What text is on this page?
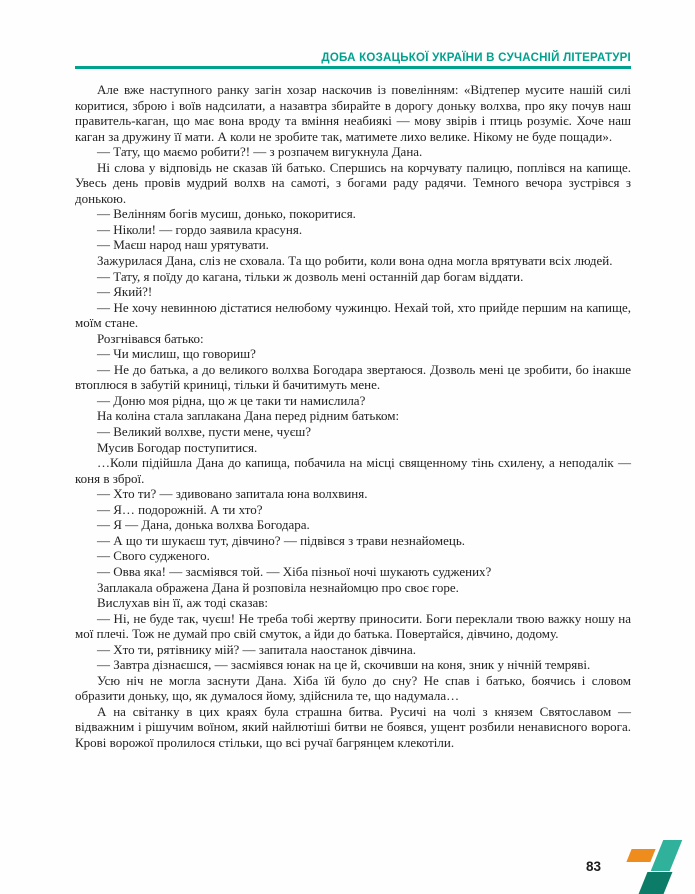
ДОБА КОЗАЦЬКОЇ УКРАЇНИ В СУЧАСНІЙ ЛІТЕРАТУРІ

Але вже наступного ранку загін хозар наскочив із повелінням: «Відтепер мусите нашій силі коритися, зброю і воїв надсилати, а назавтра збирайте в дорогу доньку волхва, про яку почув наш правитель-каган, що має вона вроду та вміння неабиякі — мову звірів і птиць розуміє. Хоче наш каган за дружину її мати. А коли не зробите так, матимете лихо велике. Нікому не буде пощади».

— Тату, що маємо робити?! — з розпачем вигукнула Дана.

Ні слова у відповідь не сказав їй батько. Спершись на корчувату палицю, поплівся на капище. Увесь день провів мудрий волхв на самоті, з богами раду радячи. Темного вечора зустрівся з донькою.

— Велінням богів мусиш, донько, покоритися.

— Ніколи! — гордо заявила красуня.

— Маєш народ наш урятувати.

Зажурилася Дана, сліз не сховала. Та що робити, коли вона одна могла врятувати всіх людей.

— Тату, я поїду до кагана, тільки ж дозволь мені останній дар богам віддати.

— Який?!

— Не хочу невинною дістатися нелюбому чужинцю. Нехай той, хто прийде першим на капище, моїм стане.

Розгнівався батько:

— Чи мислиш, що говориш?

— Не до батька, а до великого волхва Богодара звертаюся. Дозволь мені це зробити, бо інакше втоплюся в забутій криниці, тільки й бачитимуть мене.

— Доню моя рідна, що ж це таки ти намислила?

На коліна стала заплакана Дана перед рідним батьком:

— Великий волхве, пусти мене, чуєш?

Мусив Богодар поступитися.

…Коли підійшла Дана до капища, побачила на місці священному тінь схилену, а неподалік — коня в зброї.

— Хто ти? — здивовано запитала юна волхвиня.

— Я… подорожній. А ти хто?

— Я — Дана, донька волхва Богодара.

— А що ти шукаєш тут, дівчино? — підвівся з трави незнайомець.

— Свого судженого.

— Овва яка! — засміявся той. — Хіба пізньої ночі шукають суджених?

Заплакала ображена Дана й розповіла незнайомцю про своє горе.

Вислухав він її, аж тоді сказав:

— Ні, не буде так, чуєш! Не треба тобі жертву приносити. Боги переклали твою важку ношу на мої плечі. Тож не думай про свій смуток, а йди до батька. Повертайся, дівчино, додому.

— Хто ти, рятівнику мій? — запитала наостанок дівчина.

— Завтра дізнаєшся, — засміявся юнак на це й, скочивши на коня, зник у нічній темряві.

Усю ніч не могла заснути Дана. Хіба їй було до сну? Не спав і батько, боячись і словом образити доньку, що, як думалося йому, здійснила те, що надумала…

А на світанку в цих краях була страшна битва. Русичі на чолі з князем Святославом — відважним і рішучим воїном, який найлютіші битви не боявся, ущент розбили ненависного ворога. Крові ворожої пролилося стільки, що всі ручаї багрянцем клекотіли.

83
